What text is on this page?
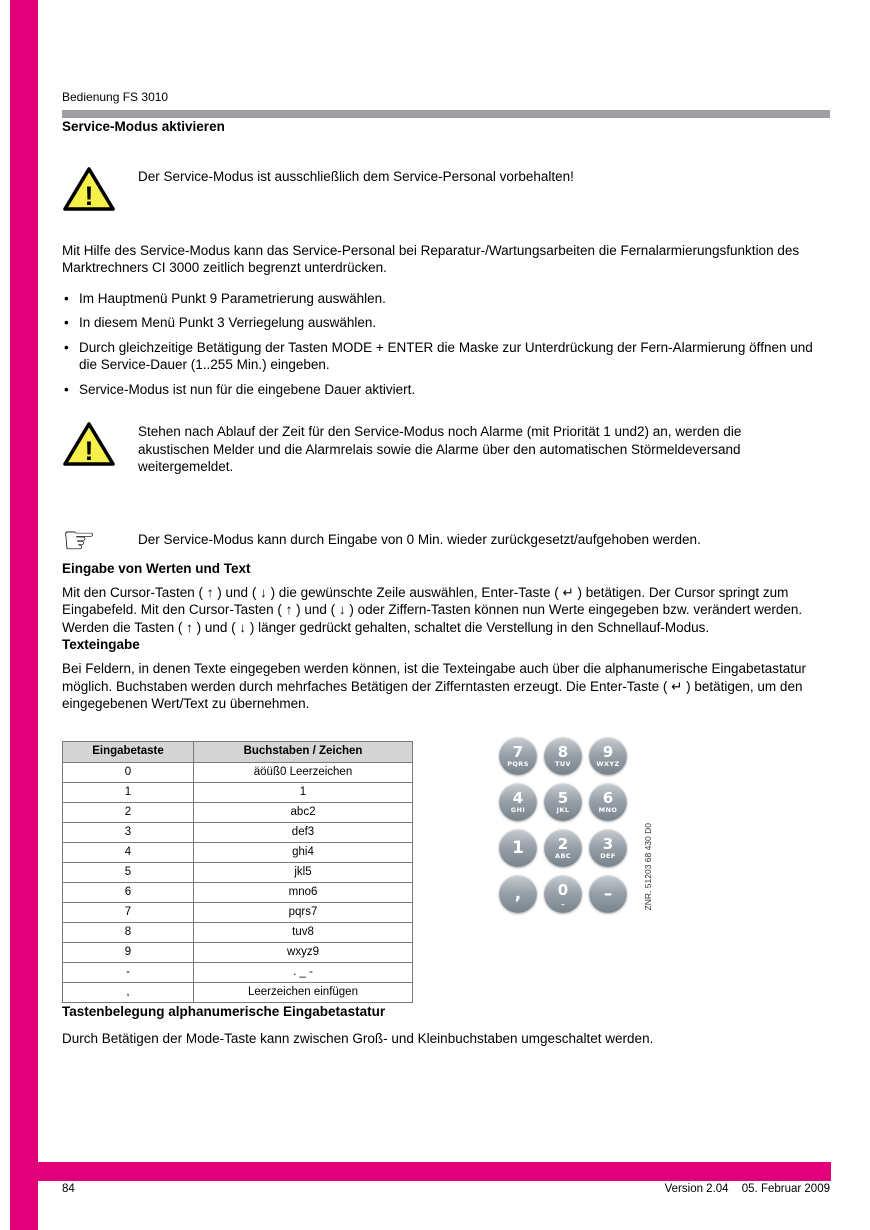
Bedienung FS 3010
Service-Modus aktivieren
!
Der Service-Modus ist ausschließlich dem Service-Personal vorbehalten!

Mit Hilfe des Service-Modus kann das Service-Personal bei Reparatur-/Wartungsarbeiten die Fernalarmierungsfunktion des Marktrechners CI 3000 zeitlich begrenzt unterdrücken.

• Im Hauptmenü Punkt 9 Parametrierung auswählen.
• In diesem Menü Punkt 3 Verriegelung auswählen.
• Durch gleichzeitige Betätigung der Tasten MODE + ENTER die Maske zur Unterdrückung der Fern-Alarmierung öffnen und die Service-Dauer (1..255 Min.) eingeben.
• Service-Modus ist nun für die eingebene Dauer aktiviert.
!
Stehen nach Ablauf der Zeit für den Service-Modus noch Alarme (mit Priorität 1 und2) an, werden die akustischen Melder und die Alarmrelais sowie die Alarme über den automatischen Störmeldeversand weitergemeldet.
☞	Der Service-Modus kann durch Eingabe von 0 Min. wieder zurückgesetzt/aufgehoben werden.
Eingabe von Werten und Text

Mit den Cursor-Tasten ( ↑ ) und ( ↓ ) die gewünschte Zeile auswählen, Enter-Taste ( ↵ ) betätigen. Der Cursor springt zum Eingabefeld. Mit den Cursor-Tasten ( ↑ ) und ( ↓ ) oder Ziffern-Tasten können nun Werte eingegeben bzw. verändert werden. Werden die Tasten ( ↑ ) und ( ↓ ) länger gedrückt gehalten, schaltet die Verstellung in den Schnellauf-Modus.

Texteingabe

Bei Feldern, in denen Texte eingegeben werden können, ist die Texteingabe auch über die alphanumerische Eingabetastatur möglich. Buchstaben werden durch mehrfaches Betätigen der Zifferntasten erzeugt. Die Enter-Taste ( ↵ ) betätigen, um den eingegebenen Wert/Text zu übernehmen.

Eingabetaste	Buchstaben / Zeichen
0	äöüß0 Leerzeichen
1	1
2	abc2
3	def3
4	ghi4
5	jkl5
6	mno6
7	pqrs7
8	tuv8
9	wxyz9
-	. _ -
,	Leerzeichen einfügen
7
PQRS
8
TUV
9
WXYZ
4
GHI
5
JKL
6
MNO
1 2
ABC
3
DEF
, 0
⎵ –	ZNR. 51203 68 430 D0
Tastenbelegung alphanumerische Eingabetastatur

Durch Betätigen der Mode-Taste kann zwischen Groß- und Kleinbuchstaben umgeschaltet werden.

84	Version 2.04 05. Februar 2009
